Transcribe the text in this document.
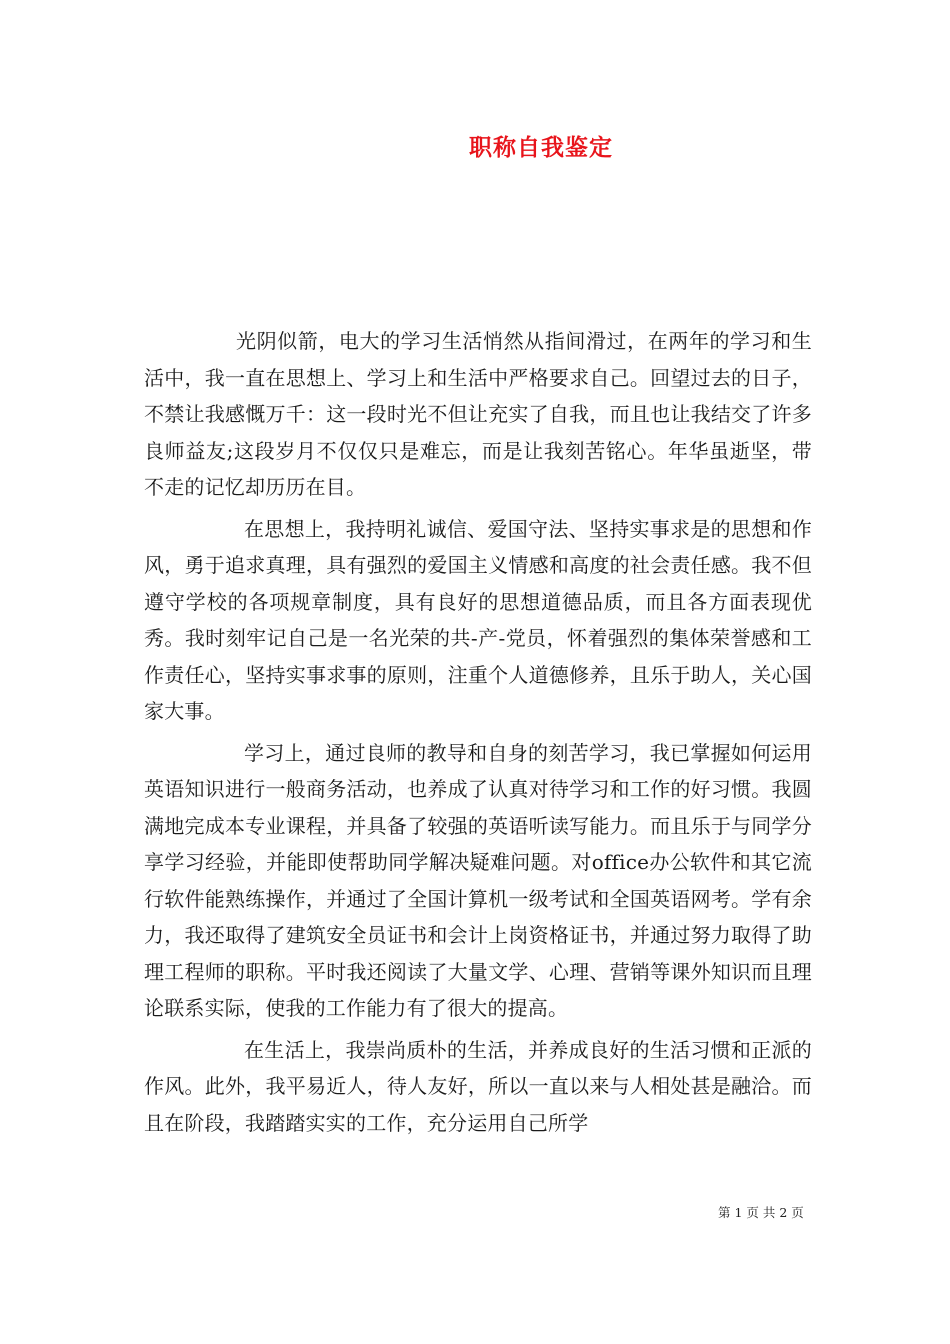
职称自我鉴定

光阴似箭，电大的学习生活悄然从指间滑过，在两年的学习和生活中，我一直在思想上、学习上和生活中严格要求自己。回望过去的日子，不禁让我感慨万千：这一段时光不但让充实了自我，而且也让我结交了许多良师益友;这段岁月不仅仅只是难忘，而是让我刻苦铭心。年华虽逝坚，带不走的记忆却历历在目。

在思想上，我持明礼诚信、爱国守法、坚持实事求是的思想和作风，勇于追求真理，具有强烈的爱国主义情感和高度的社会责任感。我不但遵守学校的各项规章制度，具有良好的思想道德品质，而且各方面表现优秀。我时刻牢记自己是一名光荣的共-产-党员，怀着强烈的集体荣誉感和工作责任心，坚持实事求事的原则，注重个人道德修养，且乐于助人，关心国家大事。

学习上，通过良师的教导和自身的刻苦学习，我已掌握如何运用英语知识进行一般商务活动，也养成了认真对待学习和工作的好习惯。我圆满地完成本专业课程，并具备了较强的英语听读写能力。而且乐于与同学分享学习经验，并能即使帮助同学解决疑难问题。对office办公软件和其它流行软件能熟练操作，并通过了全国计算机一级考试和全国英语网考。学有余力，我还取得了建筑安全员证书和会计上岗资格证书，并通过努力取得了助理工程师的职称。平时我还阅读了大量文学、心理、营销等课外知识而且理论联系实际，使我的工作能力有了很大的提高。

在生活上，我崇尚质朴的生活，并养成良好的生活习惯和正派的作风。此外，我平易近人，待人友好，所以一直以来与人相处甚是融洽。而且在阶段，我踏踏实实的工作，充分运用自己所学

第 1 页 共 2 页
